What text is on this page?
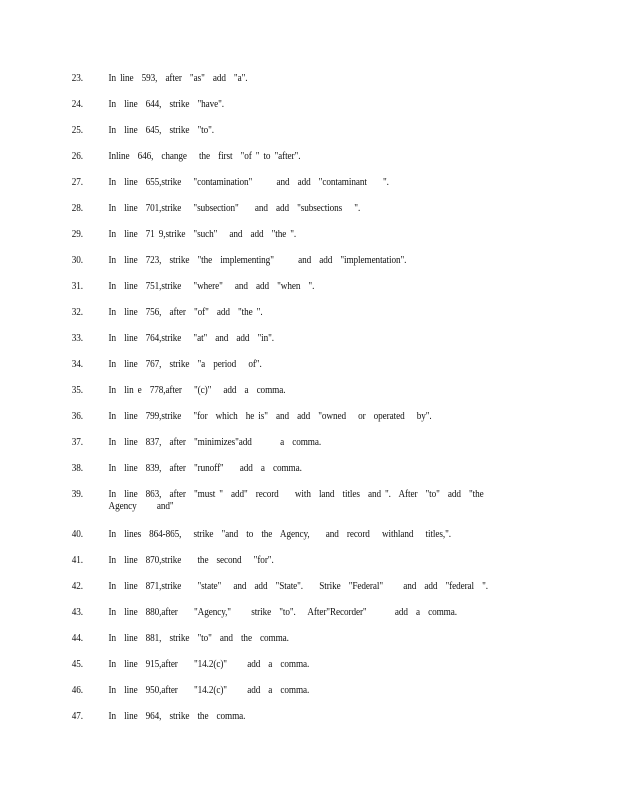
23.	In line  593,  after  "as"  add  "a".
24.	In  line  644,  strike  "have".
25.	In  line  645,  strike  "to".
26.	Inline  646,  change   the  first  "of " to "after".
27.	In  line  655,strike   "contamination"      and  add  "contaminant    ".
28.	In  line  701,strike   "subsection"    and  add  "subsections   ".
29.	In  line  71 9,strike  "such"   and  add  "the ".
30.	In  line  723,  strike  "the  implementing"      and  add  "implementation".
31.	In  line  751,strike   "where"   and  add  "when  ".
32.	In  line  756,  after  "of"  add  "the ".
33.	In  line  764,strike   "at"  and  add  "in".
34.	In  line  767,  strike  "a  period   of".
35.	In  lin e  778,after   "(c)"   add  a  comma.
36.	In  line  799,strike   "for  which  he is"  and  add  "owned   or  operated   by".
37.	In  line  837,  after  "minimizes"add       a  comma.
38.	In  line  839,  after  "runoff"    add  a  comma.
39.	In  line  863,  after  "must "  add"  record    with  land  titles  and ".  After  "to"  add  "the  Agency     and"
40.	In  lines  864-865,   strike  "and  to  the  Agency,    and  record   withland   titles,".
41.	In  line  870,strike    the  second   "for".
42.	In  line  871,strike    "state"   and  add  "State".    Strike  "Federal"     and  add  "federal  ".
43.	In  line  880,after    "Agency,"     strike  "to".   After"Recorder"       add  a  comma.
44.	In  line  881,  strike  "to"  and  the  comma.
45.	In  line  915,after    "14.2(c)"     add  a  comma.
46.	In  line  950,after    "14.2(c)"     add  a  comma.
47.	In  line  964,  strike  the  comma.
